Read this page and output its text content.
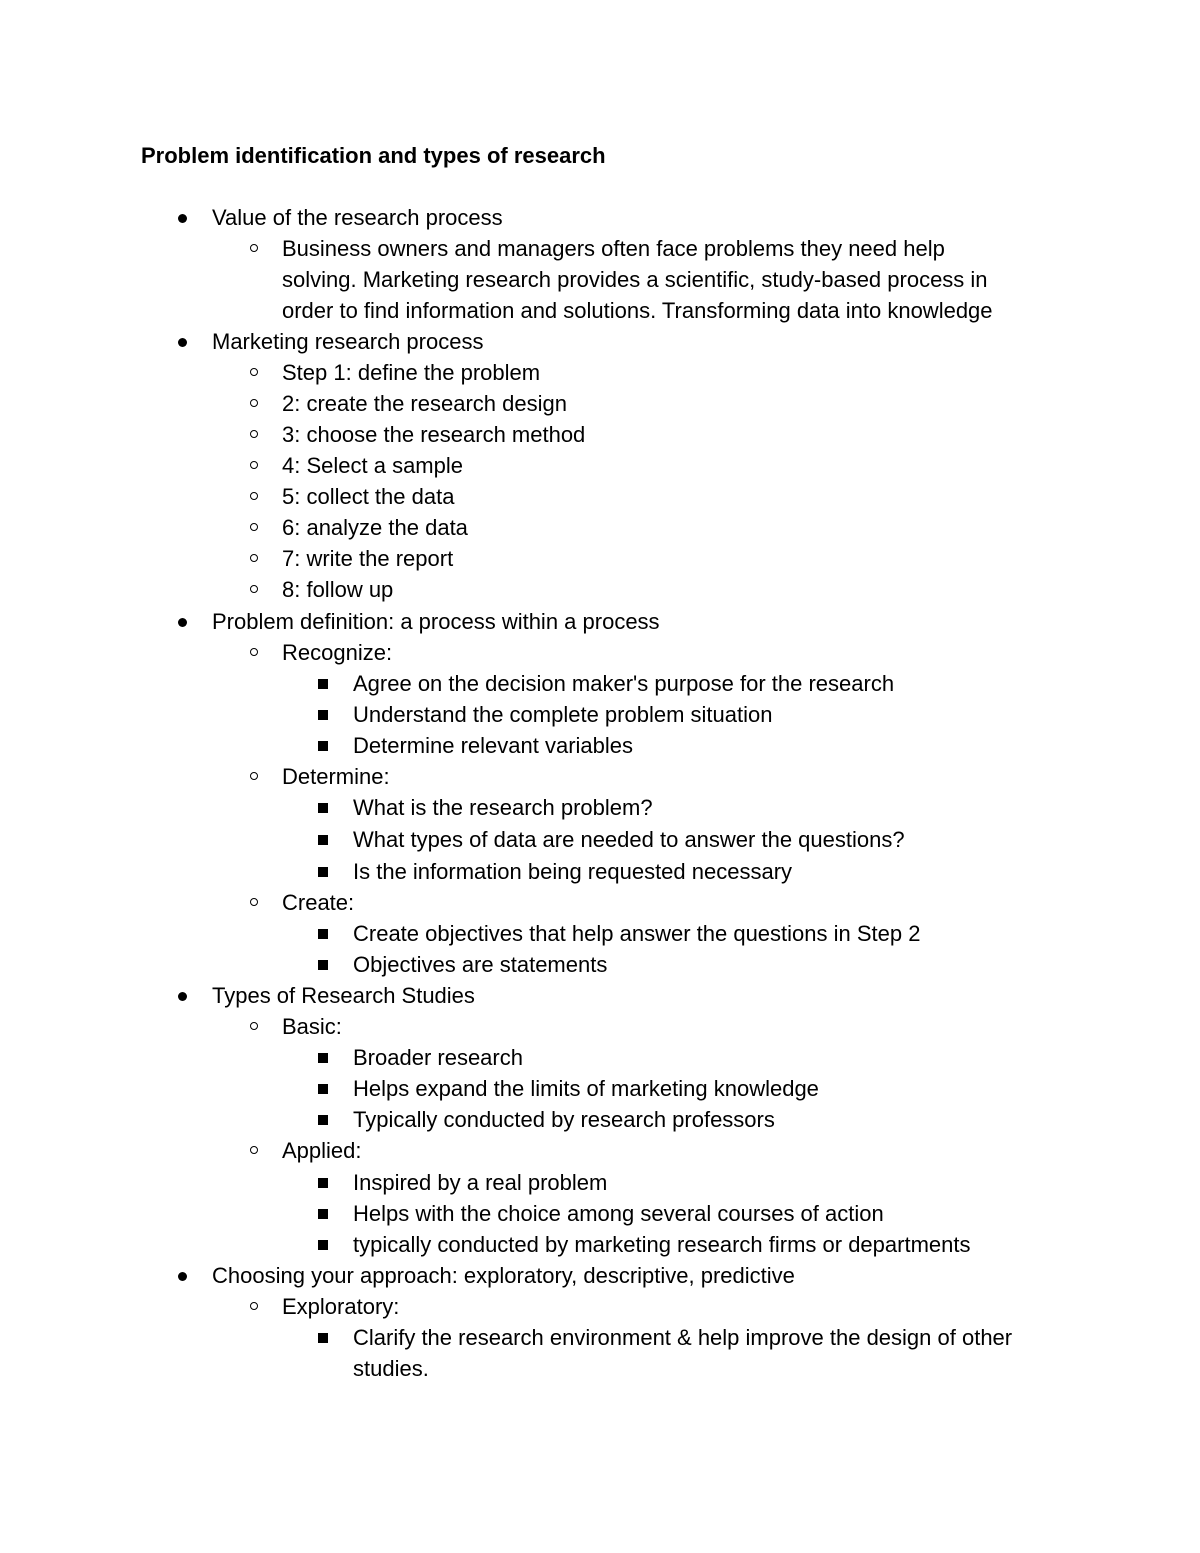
Problem identification and types of research
Value of the research process
Business owners and managers often face problems they need help
solving. Marketing research provides a scientific, study-based process in
order to find information and solutions. Transforming data into knowledge
Marketing research process
Step 1: define the problem
2: create the research design
3: choose the research method
4: Select a sample
5: collect the data
6: analyze the data
7: write the report
8: follow up
Problem definition: a process within a process
Recognize:
Agree on the decision maker's purpose for the research
Understand the complete problem situation
Determine relevant variables
Determine:
What is the research problem?
What types of data are needed to answer the questions?
Is the information being requested necessary
Create:
Create objectives that help answer the questions in Step 2
Objectives are statements
Types of Research Studies
Basic:
Broader research
Helps expand the limits of marketing knowledge
Typically conducted by research professors
Applied:
Inspired by a real problem
Helps with the choice among several courses of action
typically conducted by marketing research firms or departments
Choosing your approach: exploratory, descriptive, predictive
Exploratory:
Clarify the research environment & help improve the design of other
studies.
